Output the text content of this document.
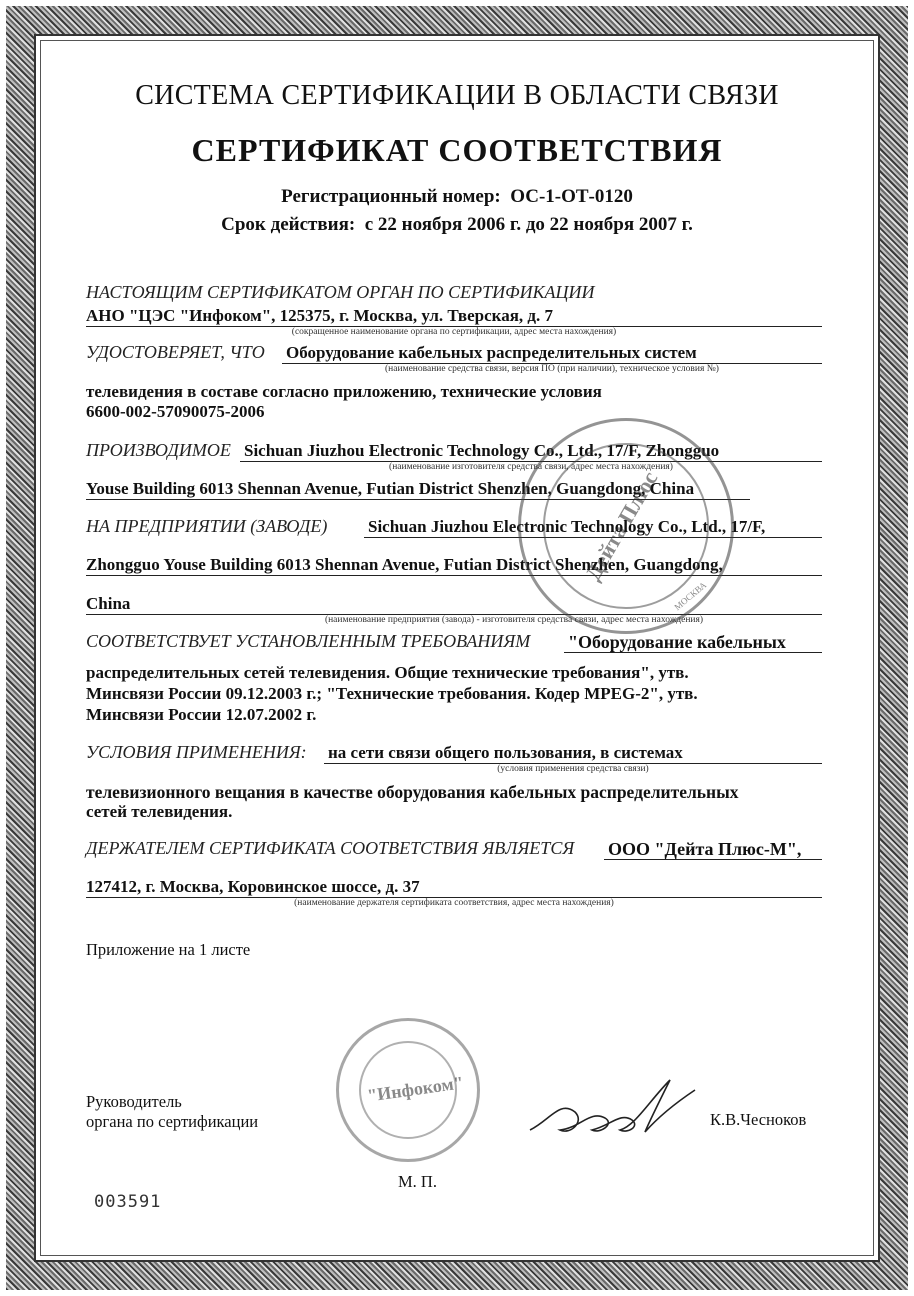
СИСТЕМА СЕРТИФИКАЦИИ В ОБЛАСТИ СВЯЗИ
СЕРТИФИКАТ СООТВЕТСТВИЯ
Регистрационный номер: ОС-1-ОТ-0120
Срок действия: с 22 ноября 2006 г. до 22 ноября 2007 г.
НАСТОЯЩИМ СЕРТИФИКАТОМ ОРГАН ПО СЕРТИФИКАЦИИ
АНО "ЦЭС "Инфоком", 125375, г. Москва, ул. Тверская, д. 7
(сокращенное наименование органа по сертификации, адрес места нахождения)
УДОСТОВЕРЯЕТ, ЧТО Оборудование кабельных распределительных систем
(наименование средства связи, версия ПО (при наличии), техническое условия №)
телевидения в составе согласно приложению, технические условия
6600-002-57090075-2006
ПРОИЗВОДИМОЕ Sichuan Jiuzhou Electronic Technology Co., Ltd., 17/F, Zhongguo
(наименование изготовителя средства связи, адрес места нахождения)
Youse Building 6013 Shennan Avenue, Futian District Shenzhen, Guangdong, China
НА ПРЕДПРИЯТИИ (ЗАВОДЕ) Sichuan Jiuzhou Electronic Technology Co., Ltd., 17/F,
Zhongguo Youse Building 6013 Shennan Avenue, Futian District Shenzhen, Guangdong,
China
(наименование предприятия (завода) - изготовителя средства связи, адрес места нахождения)
СООТВЕТСТВУЕТ УСТАНОВЛЕННЫМ ТРЕБОВАНИЯМ "Оборудование кабельных
распределительных сетей телевидения. Общие технические требования", утв.
Минсвязи России 09.12.2003 г.; "Технические требования. Кодер MPEG-2", утв.
Минсвязи России 12.07.2002 г.
УСЛОВИЯ ПРИМЕНЕНИЯ: на сети связи общего пользования, в системах
(условия применения средства связи)
телевизионного вещания в качестве оборудования кабельных распределительных
сетей телевидения.
ДЕРЖАТЕЛЕМ СЕРТИФИКАТА СООТВЕТСТВИЯ ЯВЛЯЕТСЯ ООО "Дейта Плюс-М",
127412, г. Москва, Коровинское шоссе, д. 37
(наименование держателя сертификата соответствия, адрес места нахождения)
Приложение на 1 листе
Дейта Плюс
МОСКВА
"Инфоком"
Руководитель
органа по сертификации	К.В.Чесноков
М. П.
003591
